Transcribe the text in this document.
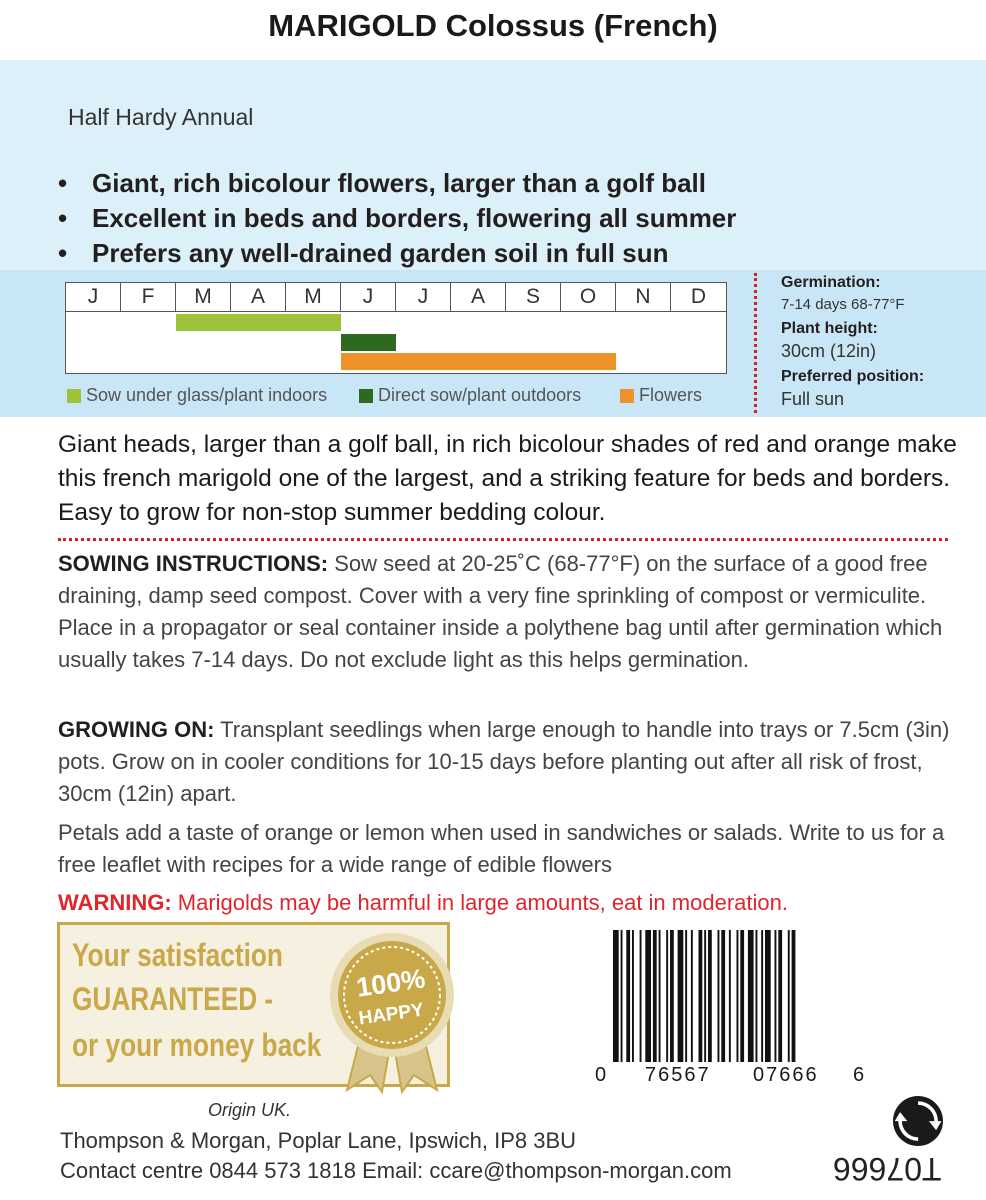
MARIGOLD Colossus (French)
Half Hardy Annual
• Giant, rich bicolour flowers, larger than a golf ball
• Excellent in beds and borders, flowering all summer
• Prefers any well-drained garden soil in full sun
J	F	M	A	M	J	J	A	S	O	N	D
Sow under glass/plant indoors	Direct sow/plant outdoors	Flowers
Germination:
7-14 days 68-77°F
Plant height:
30cm (12in)
Preferred position:
Full sun
Giant heads, larger than a golf ball, in rich bicolour shades of red and orange make this french marigold one of the largest, and a striking feature for beds and borders. Easy to grow for non-stop summer bedding colour.
SOWING INSTRUCTIONS: Sow seed at 20-25˚C (68-77°F) on the surface of a good free draining, damp seed compost. Cover with a very fine sprinkling of compost or vermiculite. Place in a propagator or seal container inside a polythene bag until after germination which usually takes 7-14 days. Do not exclude light as this helps germination.
GROWING ON: Transplant seedlings when large enough to handle into trays or 7.5cm (3in) pots. Grow on in cooler conditions for 10-15 days before planting out after all risk of frost, 30cm (12in) apart.
Petals add a taste of orange or lemon when used in sandwiches or salads. Write to us for a free leaflet with recipes for a wide range of edible flowers
WARNING: Marigolds may be harmful in large amounts, eat in moderation.
Your satisfaction
GUARANTEED -
or your money back
100%
HAPPY
0 76567 07666 6
Origin UK.
Thompson & Morgan, Poplar Lane, Ipswich, IP8 3BU
Contact centre 0844 573 1818 Email: ccare@thompson-morgan.com	T07666
